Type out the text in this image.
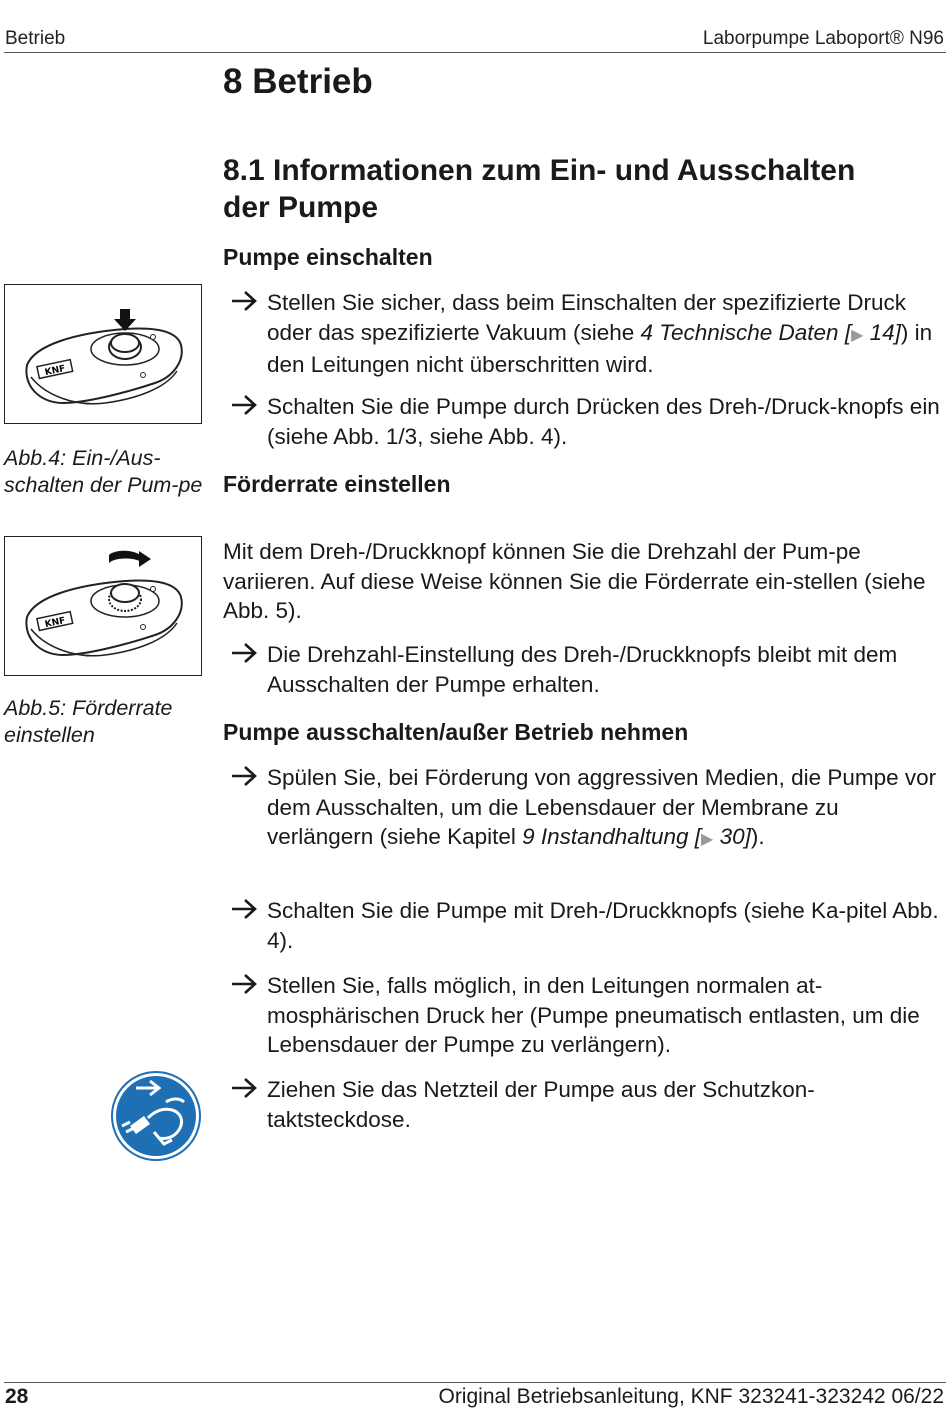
Betrieb	Laborpumpe Laboport® N96
8 Betrieb
8.1 Informationen zum Ein- und Ausschalten
der Pumpe
Pumpe einschalten
Stellen Sie sicher, dass beim Einschalten der spezifizierte Druck oder das spezifizierte Vakuum (siehe 4 Technische Daten [▶ 14]) in den Leitungen nicht überschritten wird.
Schalten Sie die Pumpe durch Drücken des Dreh-/Druck-knopfs ein (siehe Abb. 1/3, siehe Abb. 4).
Förderrate einstellen
Mit dem Dreh-/Druckknopf können Sie die Drehzahl der Pum-pe variieren. Auf diese Weise können Sie die Förderrate ein-stellen (siehe Abb. 5).
Die Drehzahl-Einstellung des Dreh-/Druckknopfs bleibt mit dem Ausschalten der Pumpe erhalten.
Pumpe ausschalten/außer Betrieb nehmen
Spülen Sie, bei Förderung von aggressiven Medien, die Pumpe vor dem Ausschalten, um die Lebensdauer der Membrane zu verlängern (siehe Kapitel 9 Instandhaltung [▶ 30]).
Schalten Sie die Pumpe mit Dreh-/Druckknopfs (siehe Ka-pitel Abb. 4).
Stellen Sie, falls möglich, in den Leitungen normalen at-mosphärischen Druck her (Pumpe pneumatisch entlasten, um die Lebensdauer der Pumpe zu verlängern).
Ziehen Sie das Netzteil der Pumpe aus der Schutzkon-taktsteckdose.
KNF
Abb.4: Ein-/Aus-schalten der Pum-pe
KNF
Abb.5: Förderrate einstellen
28	Original Betriebsanleitung, KNF 323241-323242 06/22
